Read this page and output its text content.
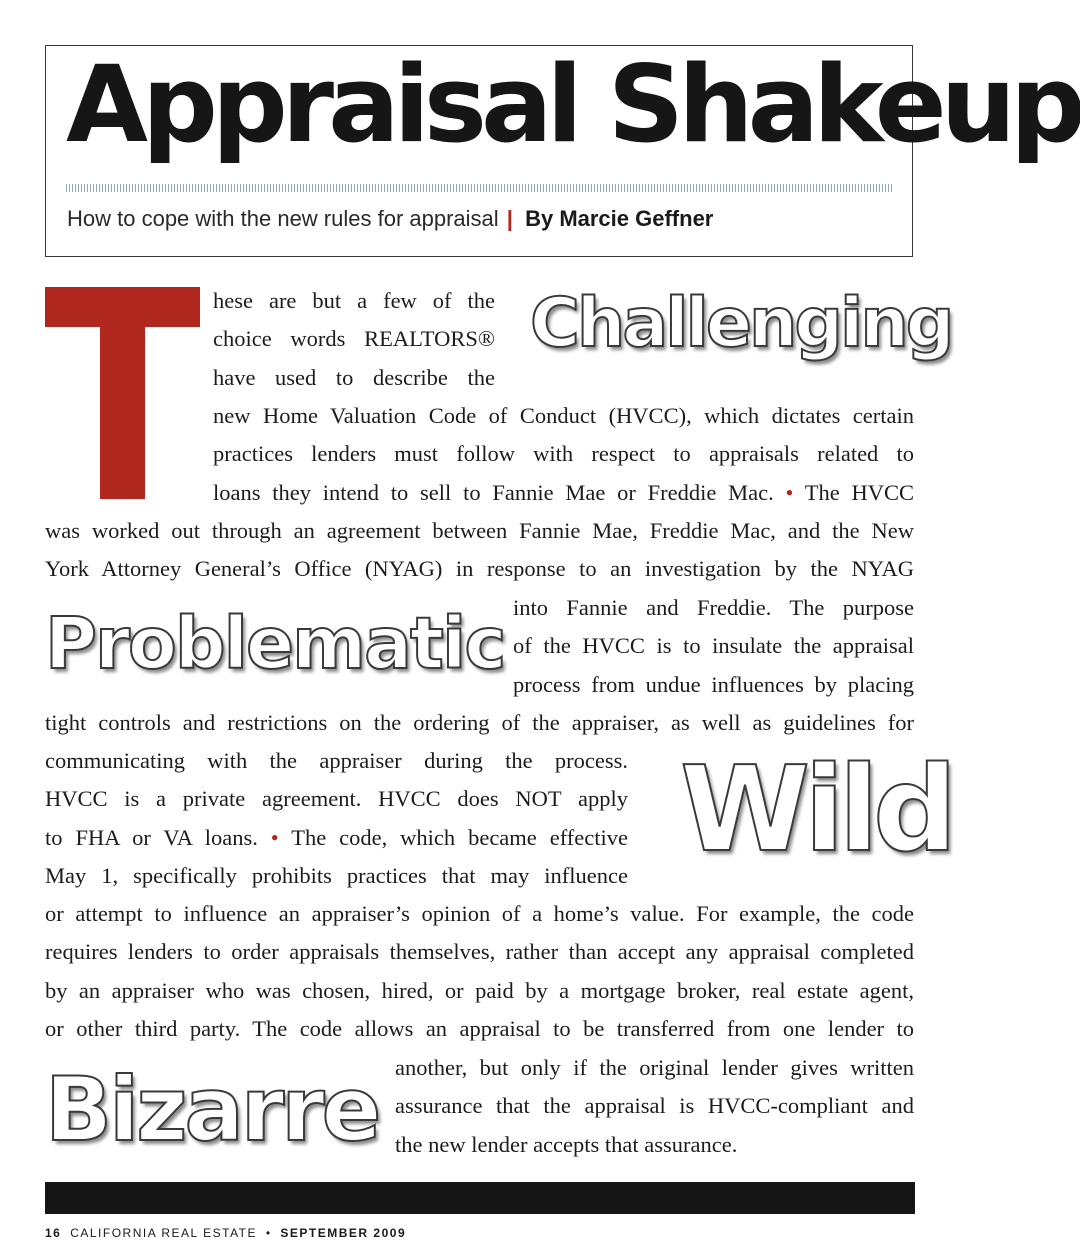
Appraisal Shakeup
How to cope with the new rules for appraisal | By Marcie Geffner

hese are but a few of the
choice words REALTORS®
have used to describe the

Challenging

new Home Valuation Code of Conduct (HVCC), which dictates certain
practices lenders must follow with respect to appraisals related to
loans they intend to sell to Fannie Mae or Freddie Mac. • The HVCC

was worked out through an agreement between Fannie Mae, Freddie Mac, and the New
York Attorney General’s Office (NYAG) in response to an investigation by the NYAG

Problematic into Fannie and Freddie. The purpose
of the HVCC is to insulate the appraisal
process from undue influences by placing

tight controls and restrictions on the ordering of the appraiser, as well as guidelines for

communicating with the appraiser during the process.
HVCC is a private agreement. HVCC does NOT apply
to FHA or VA loans. • The code, which became effective
May 1, specifically prohibits practices that may influence Wild

or attempt to influence an appraiser’s opinion of a home’s value. For example, the code
requires lenders to order appraisals themselves, rather than accept any appraisal completed
by an appraiser who was chosen, hired, or paid by a mortgage broker, real estate agent,
or other third party. The code allows an appraisal to be transferred from one lender to

Bizarre another, but only if the original lender gives written
assurance that the appraisal is HVCC-compliant and
the new lender accepts that assurance.

16 CALIFORNIA REAL ESTATE • SEPTEMBER 2009
